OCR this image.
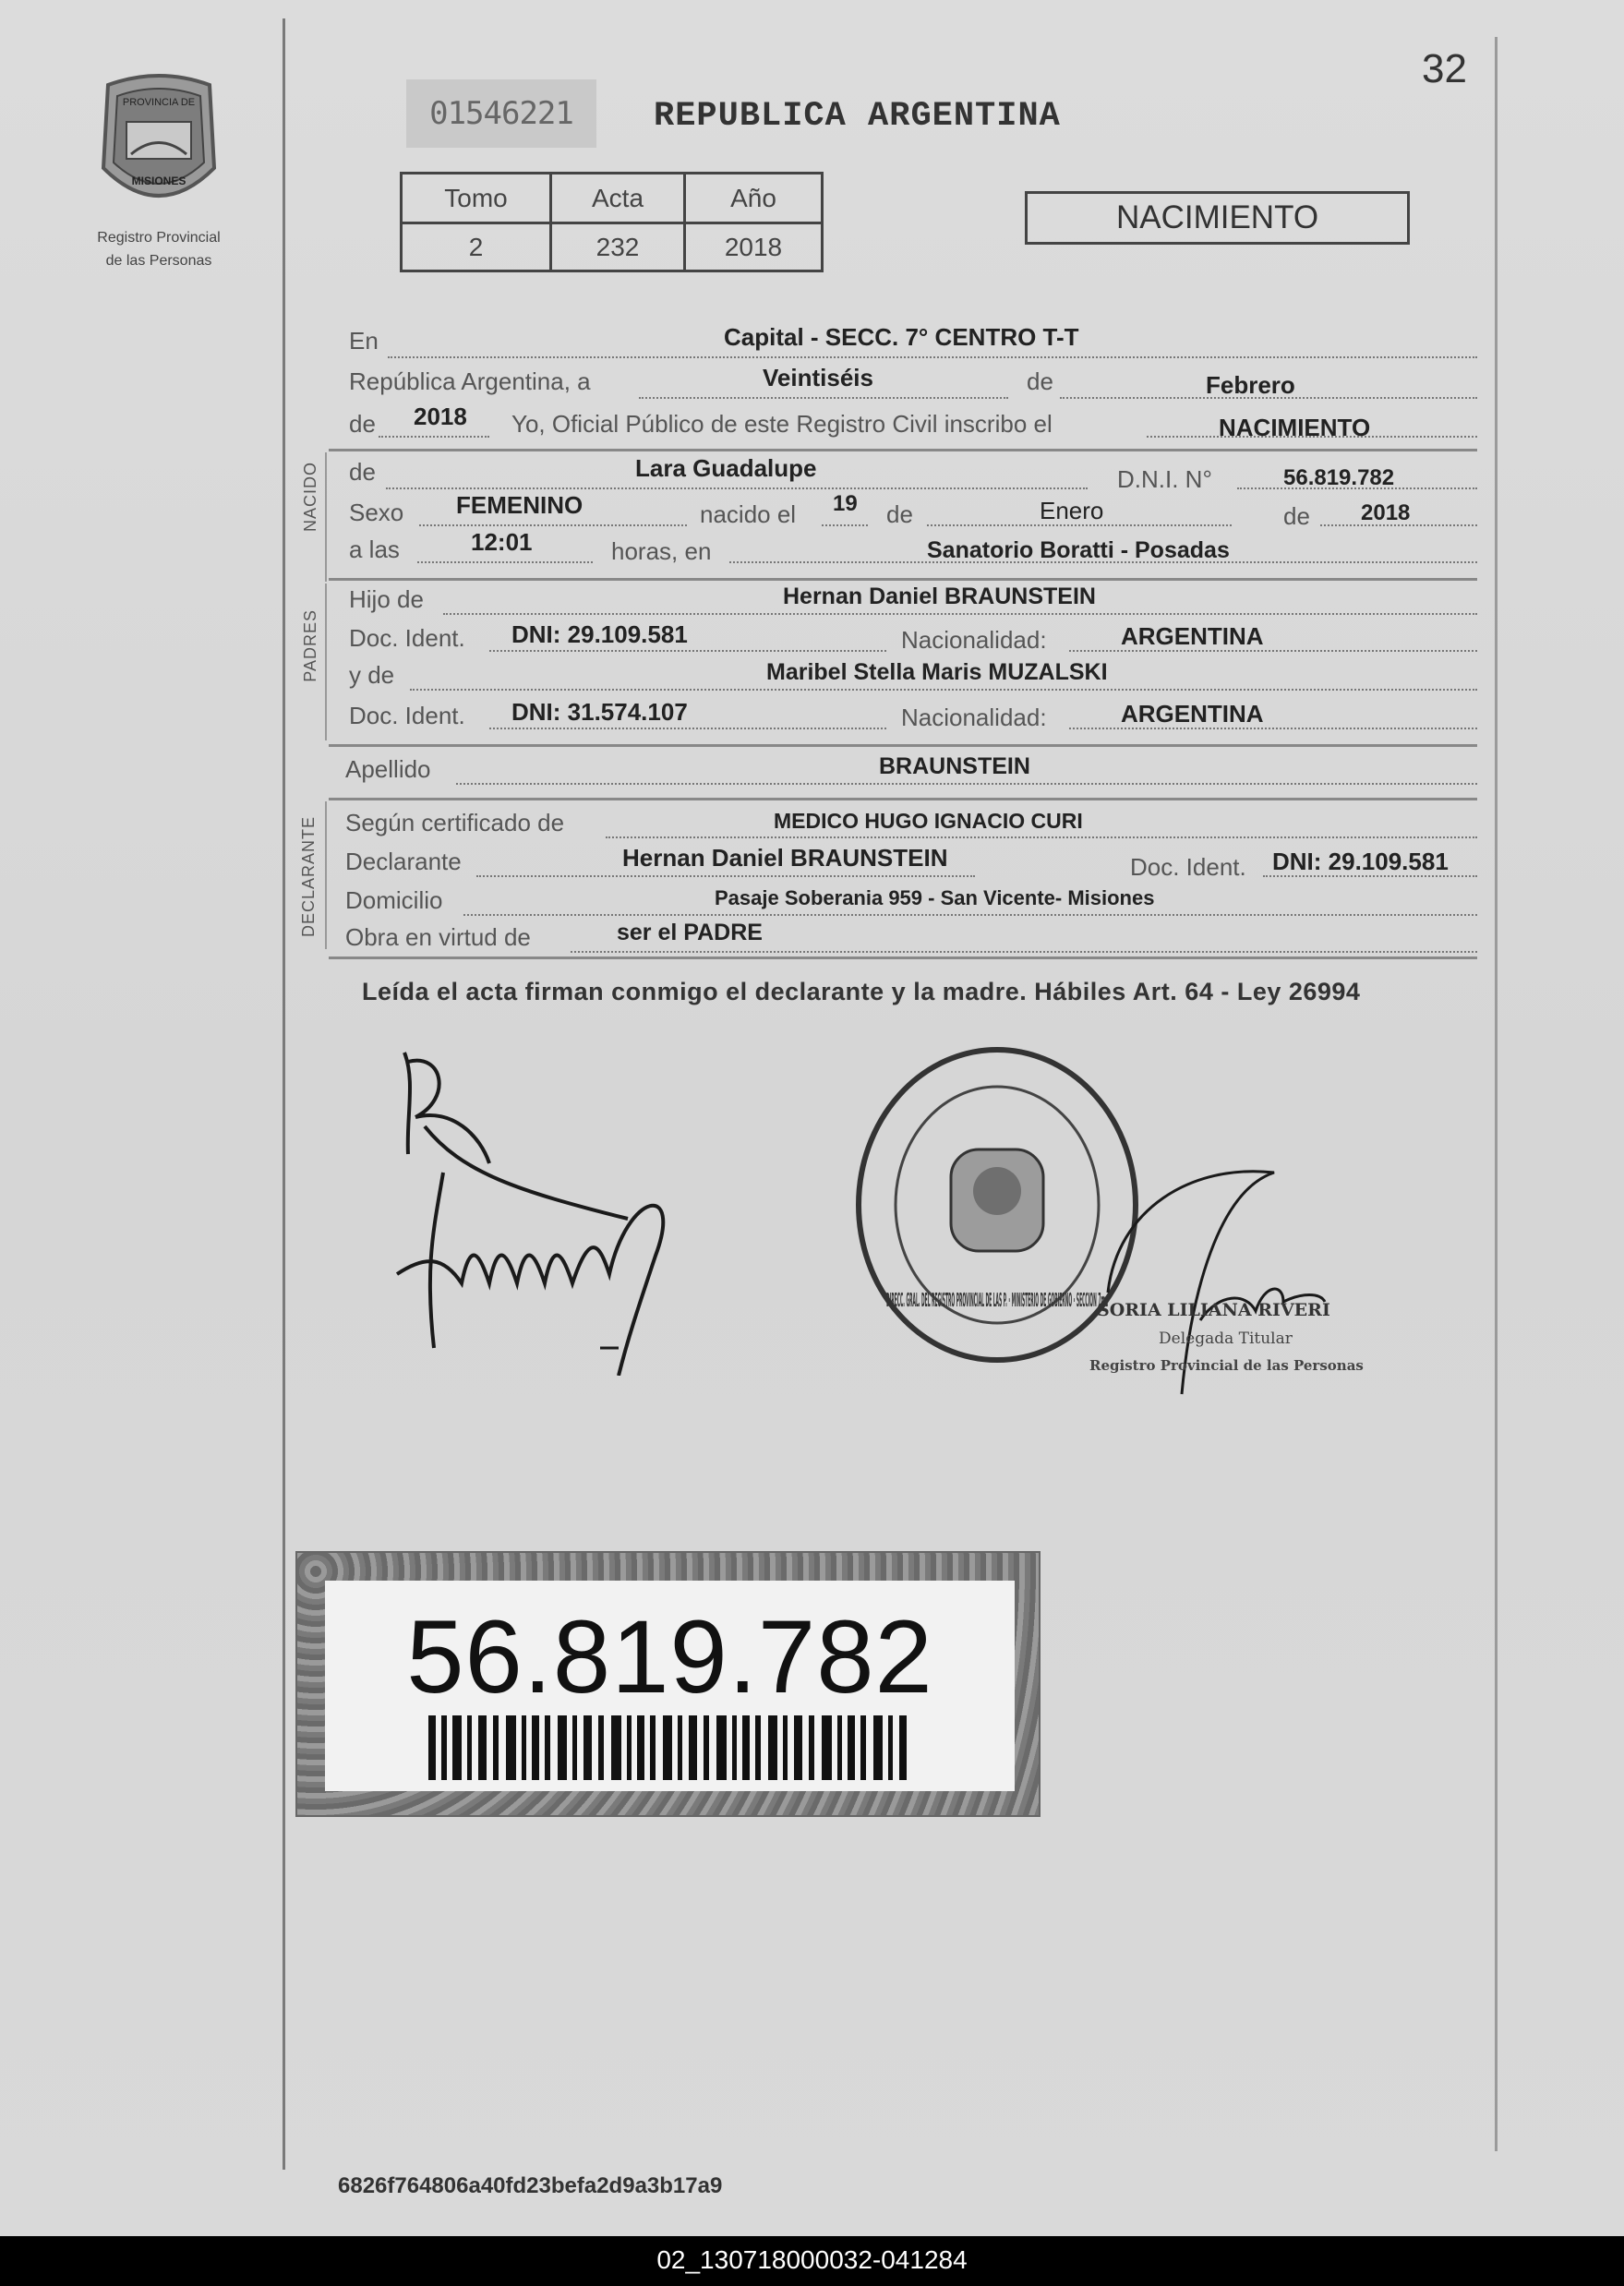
PROVINCIA DE
MISIONES
Registro Provincial
de las Personas
32
01546221	REPUBLICA ARGENTINA
Tomo	Acta	Año
2	232	2018
NACIMIENTO
En	Capital - SECC. 7° CENTRO T-T
República Argentina, a	Veintiséis	de	Febrero
de 2018 Yo, Oficial Público de este Registro Civil inscribo el	NACIMIENTO
NACIDO de	Lara Guadalupe	D.N.I. N°	56.819.782
Sexo FEMENINO	nacido el 19 de	Enero	de 2018
a las	12:01	horas, en	Sanatorio Boratti - Posadas
PADRES
Hijo de	Hernan Daniel BRAUNSTEIN
Doc. Ident. DNI: 29.109.581	Nacionalidad:	ARGENTINA
y de	Maribel Stella Maris MUZALSKI
Doc. Ident. DNI: 31.574.107	Nacionalidad:	ARGENTINA
Apellido	BRAUNSTEIN
DECLARANTE Según certificado de	MEDICO HUGO IGNACIO CURI
Declarante	Hernan Daniel BRAUNSTEIN	Doc. Ident. DNI: 29.109.581
Domicilio	Pasaje Soberania 959 - San Vicente- Misiones
Obra en virtud de	ser el PADRE
Leída el acta firman conmigo el declarante y la madre. Hábiles Art. 64 - Ley 26994
DIRECC. GRAL. DEL REGISTRO PROVINCIAL DE LAS P. · MINISTERIO DE GOBIERNO · SECCION 7ma
SORIA LILIANA RIVERI
Delegada Titular
Registro Provincial de las Personas
56.819.782
6826f764806a40fd23befa2d9a3b17a9
02_130718000032-041284
